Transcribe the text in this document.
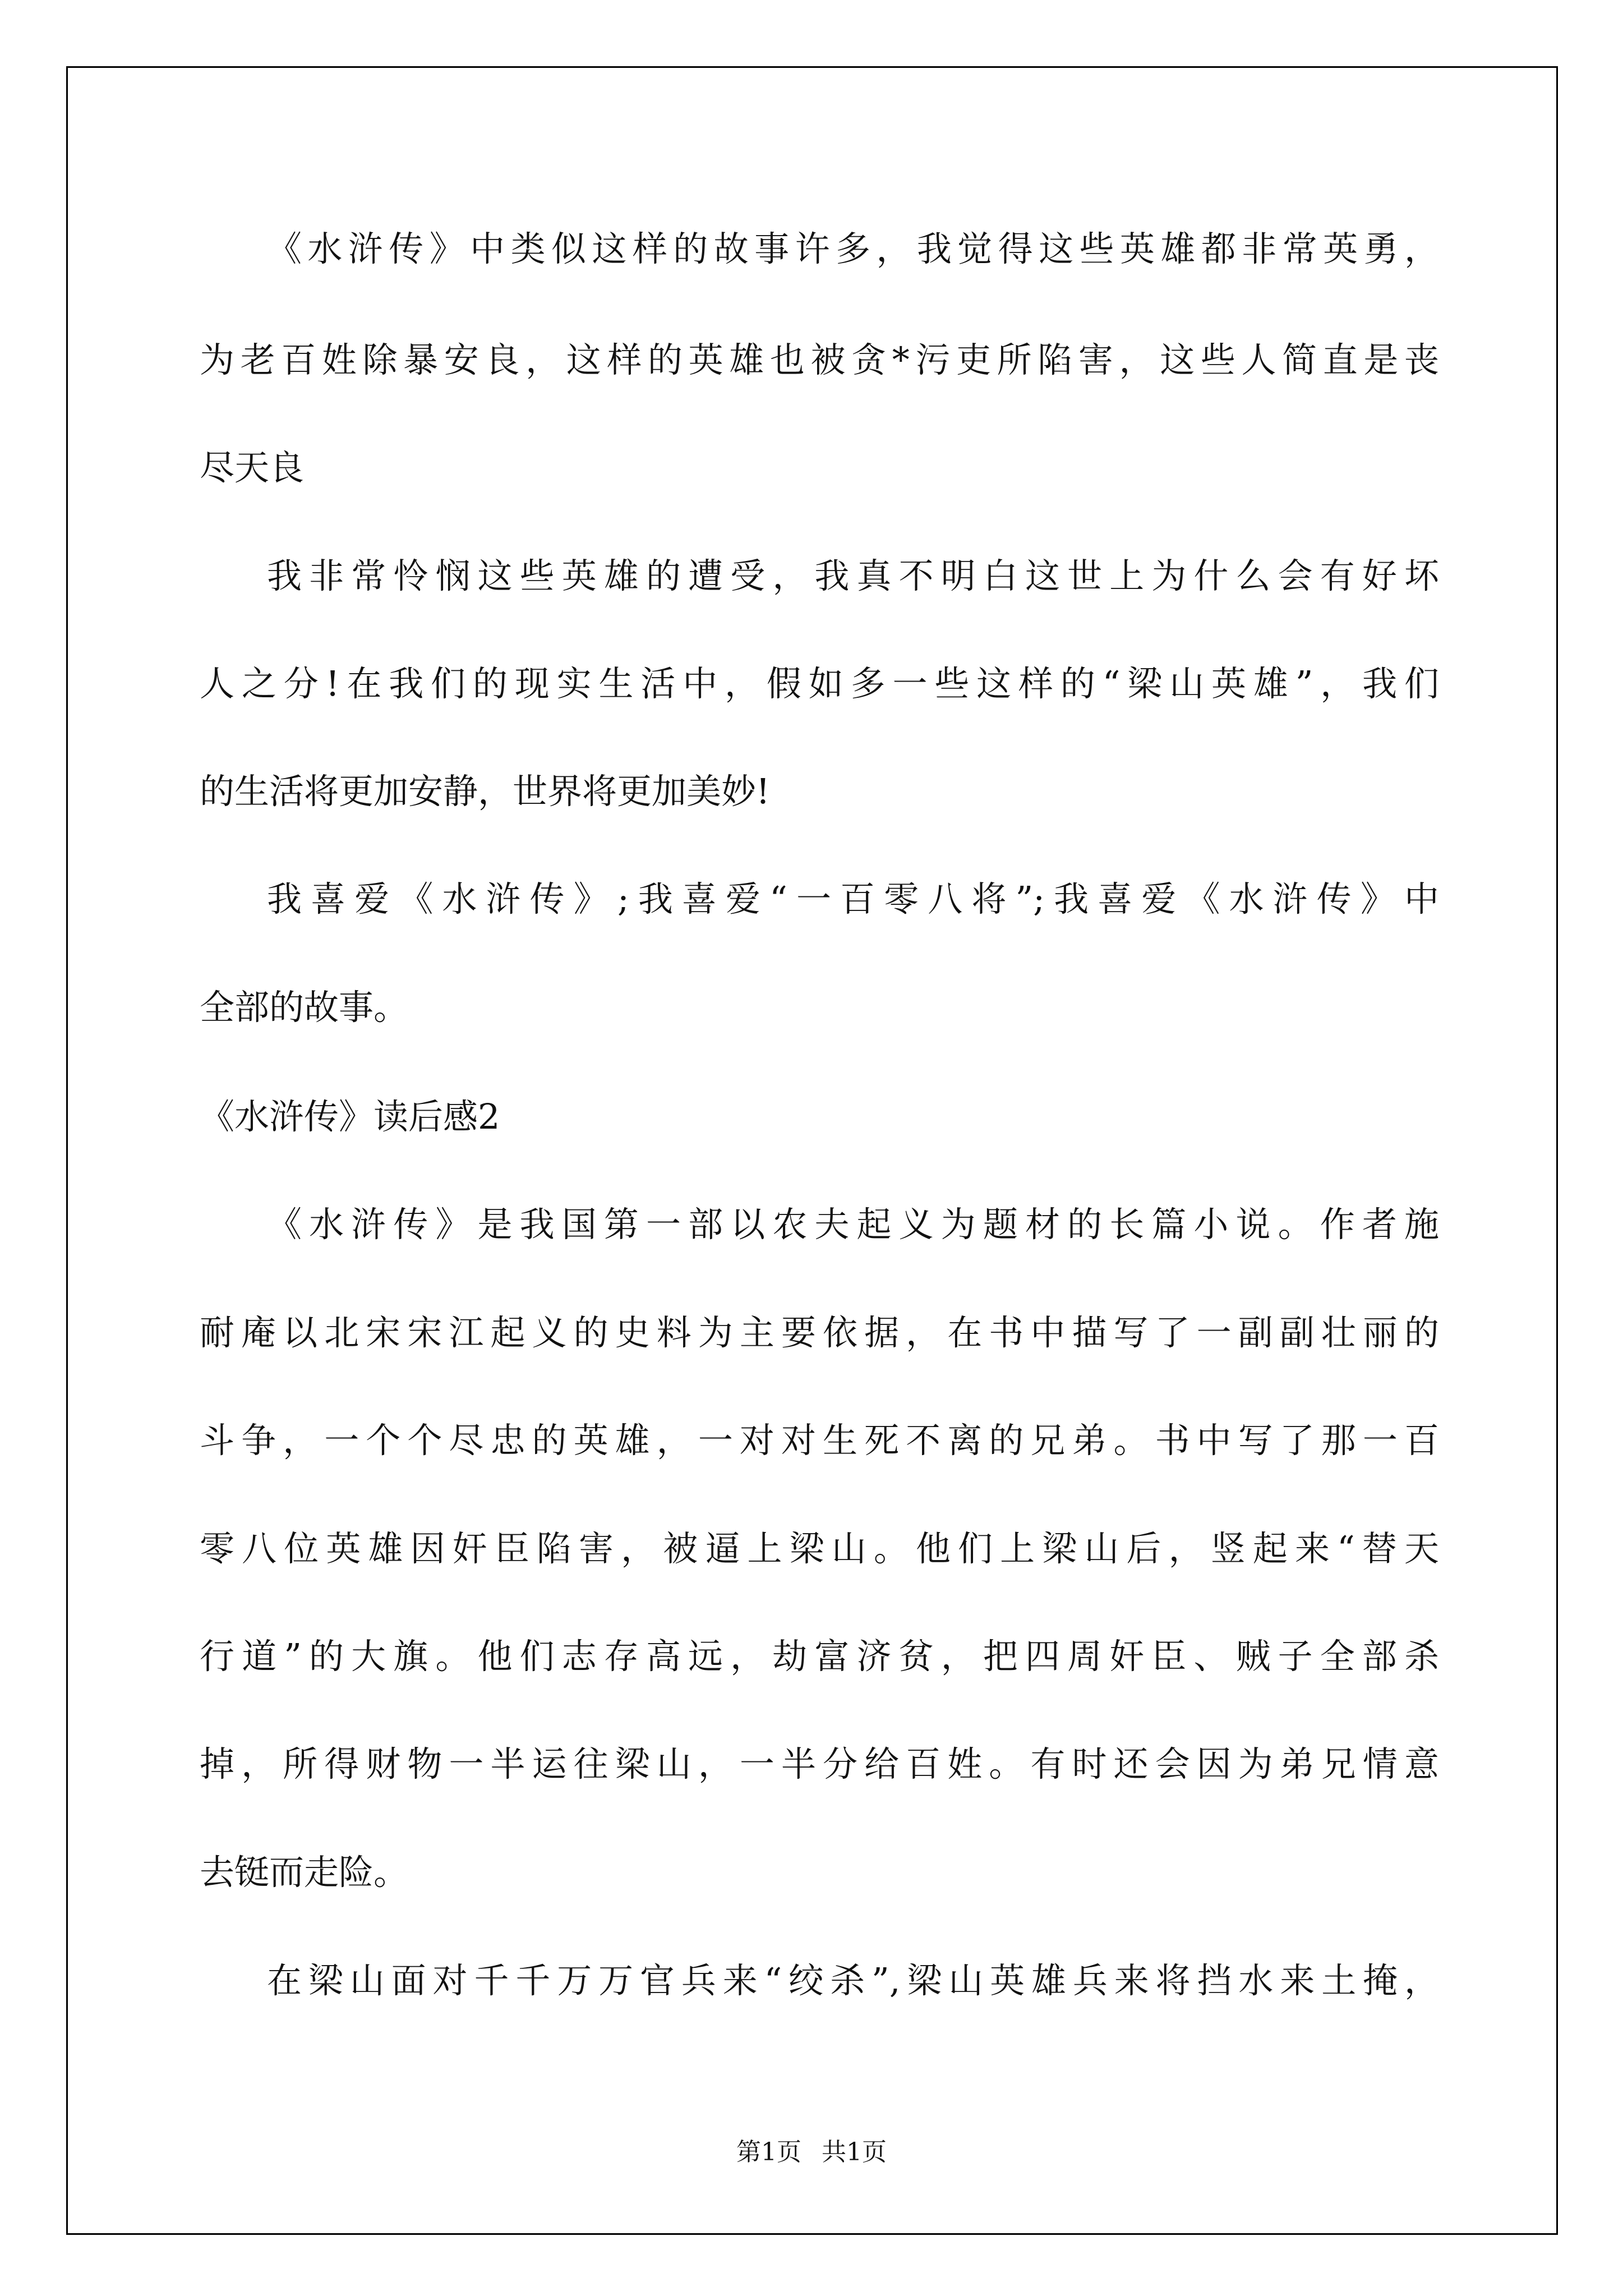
《水浒传》中类似这样的故事许多，我觉得这些英雄都非常英勇，
为老百姓除暴安良，这样的英雄也被贪*污吏所陷害，这些人简直是丧
尽天良
我非常怜悯这些英雄的遭受，我真不明白这世上为什么会有好坏
人之分!在我们的现实生活中，假如多一些这样的“梁山英雄”，我们
的生活将更加安静，世界将更加美妙!
我喜爱《水浒传》;我喜爱“一百零八将”;我喜爱《水浒传》中
全部的故事。
《水浒传》读后感2
《水浒传》是我国第一部以农夫起义为题材的长篇小说。作者施
耐庵以北宋宋江起义的史料为主要依据，在书中描写了一副副壮丽的
斗争，一个个尽忠的英雄，一对对生死不离的兄弟。书中写了那一百
零八位英雄因奸臣陷害，被逼上梁山。他们上梁山后，竖起来“替天
行道”的大旗。他们志存高远，劫富济贫，把四周奸臣、贼子全部杀
掉，所得财物一半运往梁山，一半分给百姓。有时还会因为弟兄情意
去铤而走险。
在梁山面对千千万万官兵来“绞杀”,梁山英雄兵来将挡水来土掩，
第1页 共1页
